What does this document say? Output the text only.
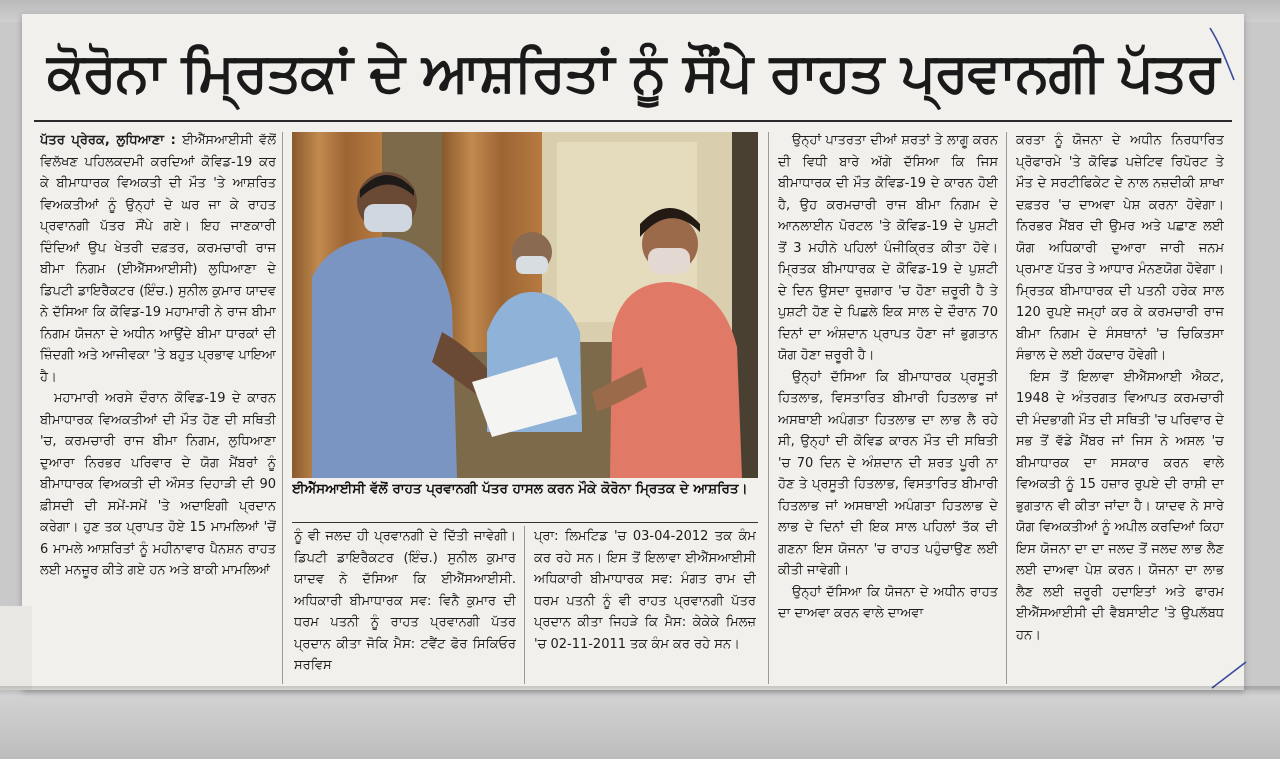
ਕੋਰੋਨਾ ਮ੍ਰਿਤਕਾਂ ਦੇ ਆਸ਼ਰਿਤਾਂ ਨੂੰ ਸੌਂਪੇ ਰਾਹਤ ਪ੍ਰਵਾਨਗੀ ਪੱਤਰ

ਪੱਤਰ ਪ੍ਰੇਰਕ, ਲੁਧਿਆਣਾ : ਈਐੱਸਆਈਸੀ ਵੱਲੋਂ ਵਿਲੱਖਣ ਪਹਿਲਕਦਮੀ ਕਰਦਿਆਂ ਕੋਵਿਡ-19 ਕਰ ਕੇ ਬੀਮਾਧਾਰਕ ਵਿਅਕਤੀ ਦੀ ਮੌਤ 'ਤੇ ਆਸ਼ਰਿਤ ਵਿਅਕਤੀਆਂ ਨੂੰ ਉਨ੍ਹਾਂ ਦੇ ਘਰ ਜਾ ਕੇ ਰਾਹਤ ਪ੍ਰਵਾਨਗੀ ਪੱਤਰ ਸੌਂਪੇ ਗਏ। ਇਹ ਜਾਣਕਾਰੀ ਦਿੰਦਿਆਂ ਉਪ ਖੇਤਰੀ ਦਫ਼ਤਰ, ਕਰਮਚਾਰੀ ਰਾਜ ਬੀਮਾ ਨਿਗਮ (ਈਐੱਸਆਈਸੀ) ਲੁਧਿਆਣਾ ਦੇ ਡਿਪਟੀ ਡਾਇਰੈਕਟਰ (ਇੰਚ.) ਸੁਨੀਲ ਕੁਮਾਰ ਯਾਦਵ ਨੇ ਦੱਸਿਆ ਕਿ ਕੋਵਿਡ-19 ਮਹਾਮਾਰੀ ਨੇ ਰਾਜ ਬੀਮਾ ਨਿਗਮ ਯੋਜਨਾ ਦੇ ਅਧੀਨ ਆਉਂਦੇ ਬੀਮਾ ਧਾਰਕਾਂ ਦੀ ਜ਼ਿੰਦਗੀ ਅਤੇ ਆਜੀਵਕਾ 'ਤੇ ਬਹੁਤ ਪ੍ਰਭਾਵ ਪਾਇਆ ਹੈ।

ਮਹਾਮਾਰੀ ਅਰਸੇ ਦੌਰਾਨ ਕੋਵਿਡ-19 ਦੇ ਕਾਰਨ ਬੀਮਾਧਾਰਕ ਵਿਅਕਤੀਆਂ ਦੀ ਮੌਤ ਹੋਣ ਦੀ ਸਥਿਤੀ 'ਚ, ਕਰਮਚਾਰੀ ਰਾਜ ਬੀਮਾ ਨਿਗਮ, ਲੁਧਿਆਣਾ ਦੁਆਰਾ ਨਿਰਭਰ ਪਰਿਵਾਰ ਦੇ ਯੋਗ ਮੈਂਬਰਾਂ ਨੂੰ ਬੀਮਾਧਾਰਕ ਵਿਅਕਤੀ ਦੀ ਔਸਤ ਦਿਹਾੜੀ ਦੀ 90 ਫ਼ੀਸਦੀ ਦੀ ਸਮੇਂ-ਸਮੇਂ 'ਤੇ ਅਦਾਇਗੀ ਪ੍ਰਦਾਨ ਕਰੇਗਾ। ਹੁਣ ਤਕ ਪ੍ਰਾਪਤ ਹੋਏ 15 ਮਾਮਲਿਆਂ 'ਚੋਂ 6 ਮਾਮਲੇ ਆਸ਼ਰਿਤਾਂ ਨੂੰ ਮਹੀਨਾਵਾਰ ਪੈਨਸ਼ਨ ਰਾਹਤ ਲਈ ਮਨਜ਼ੂਰ ਕੀਤੇ ਗਏ ਹਨ ਅਤੇ ਬਾਕੀ ਮਾਮਲਿਆਂ

ਈਐੱਸਆਈਸੀ ਵੱਲੋਂ ਰਾਹਤ ਪ੍ਰਵਾਨਗੀ ਪੱਤਰ ਹਾਸਲ ਕਰਨ ਮੌਕੇ ਕੋਰੋਨਾ ਮ੍ਰਿਤਕ ਦੇ ਆਸ਼ਰਿਤ।

ਨੂੰ ਵੀ ਜਲਦ ਹੀ ਪ੍ਰਵਾਨਗੀ ਦੇ ਦਿੱਤੀ ਜਾਵੇਗੀ। ਡਿਪਟੀ ਡਾਇਰੈਕਟਰ (ਇੰਚ.) ਸੁਨੀਲ ਕੁਮਾਰ ਯਾਦਵ ਨੇ ਦੱਸਿਆ ਕਿ ਈਐੱਸਆਈਸੀ. ਅਧਿਕਾਰੀ ਬੀਮਾਧਾਰਕ ਸਵ: ਵਿਨੈ ਕੁਮਾਰ ਦੀ ਧਰਮ ਪਤਨੀ ਨੂੰ ਰਾਹਤ ਪ੍ਰਵਾਨਗੀ ਪੱਤਰ ਪ੍ਰਦਾਨ ਕੀਤਾ ਜੋਕਿ ਮੈਸ: ਟਵੈਂਟ ਫੋਰ ਸਿਕਿਓਰ ਸਰਵਿਸ

ਪ੍ਰਾ: ਲਿਮਟਿਡ 'ਚ 03-04-2012 ਤਕ ਕੰਮ ਕਰ ਰਹੇ ਸਨ। ਇਸ ਤੋਂ ਇਲਾਵਾ ਈਐੱਸਆਈਸੀ ਅਧਿਕਾਰੀ ਬੀਮਾਧਾਰਕ ਸਵ: ਮੰਗਤ ਰਾਮ ਦੀ ਧਰਮ ਪਤਨੀ ਨੂੰ ਵੀ ਰਾਹਤ ਪ੍ਰਵਾਨਗੀ ਪੱਤਰ ਪ੍ਰਦਾਨ ਕੀਤਾ ਜਿਹੜੇ ਕਿ ਮੈਸ: ਕੇਕੇਕੇ ਮਿਲਜ਼ 'ਚ 02-11-2011 ਤਕ ਕੰਮ ਕਰ ਰਹੇ ਸਨ।

ਉਨ੍ਹਾਂ ਪਾਤਰਤਾ ਦੀਆਂ ਸ਼ਰਤਾਂ ਤੇ ਲਾਗੂ ਕਰਨ ਦੀ ਵਿਧੀ ਬਾਰੇ ਅੱਗੇ ਦੱਸਿਆ ਕਿ ਜਿਸ ਬੀਮਾਧਾਰਕ ਦੀ ਮੌਤ ਕੋਵਿਡ-19 ਦੇ ਕਾਰਨ ਹੋਈ ਹੈ, ਉਹ ਕਰਮਚਾਰੀ ਰਾਜ ਬੀਮਾ ਨਿਗਮ ਦੇ ਆਨਲਾਈਨ ਪੋਰਟਲ 'ਤੇ ਕੋਵਿਡ-19 ਦੇ ਪੁਸ਼ਟੀ ਤੋਂ 3 ਮਹੀਨੇ ਪਹਿਲਾਂ ਪੰਜੀਕ੍ਰਿਤ ਕੀਤਾ ਹੋਵੇ। ਮ੍ਰਿਤਕ ਬੀਮਾਧਾਰਕ ਦੇ ਕੋਵਿਡ-19 ਦੇ ਪੁਸ਼ਟੀ ਦੇ ਦਿਨ ਉਸਦਾ ਰੁਜ਼ਗਾਰ 'ਚ ਹੋਣਾ ਜ਼ਰੂਰੀ ਹੈ ਤੇ ਪੁਸ਼ਟੀ ਹੋਣ ਦੇ ਪਿਛਲੇ ਇਕ ਸਾਲ ਦੇ ਦੌਰਾਨ 70 ਦਿਨਾਂ ਦਾ ਅੰਸ਼ਦਾਨ ਪ੍ਰਾਪਤ ਹੋਣਾ ਜਾਂ ਭੁਗਤਾਨ ਯੋਗ ਹੋਣਾ ਜ਼ਰੂਰੀ ਹੈ।

ਉਨ੍ਹਾਂ ਦੱਸਿਆ ਕਿ ਬੀਮਾਧਾਰਕ ਪ੍ਰਸੂਤੀ ਹਿਤਲਾਭ, ਵਿਸਤਾਰਿਤ ਬੀਮਾਰੀ ਹਿਤਲਾਭ ਜਾਂ ਅਸਥਾਈ ਅਪੰਗਤਾ ਹਿਤਲਾਭ ਦਾ ਲਾਭ ਲੈ ਰਹੇ ਸੀ, ਉਨ੍ਹਾਂ ਦੀ ਕੋਵਿਡ ਕਾਰਨ ਮੌਤ ਦੀ ਸਥਿਤੀ 'ਚ 70 ਦਿਨ ਦੇ ਅੰਸ਼ਦਾਨ ਦੀ ਸ਼ਰਤ ਪੂਰੀ ਨਾ ਹੋਣ ਤੇ ਪ੍ਰਸੂਤੀ ਹਿਤਲਾਭ, ਵਿਸਤਾਰਿਤ ਬੀਮਾਰੀ ਹਿਤਲਾਭ ਜਾਂ ਅਸਥਾਈ ਅਪੰਗਤਾ ਹਿਤਲਾਭ ਦੇ ਲਾਭ ਦੇ ਦਿਨਾਂ ਦੀ ਇਕ ਸਾਲ ਪਹਿਲਾਂ ਤੱਕ ਦੀ ਗਣਨਾ ਇਸ ਯੋਜਨਾ 'ਚ ਰਾਹਤ ਪਹੁੰਚਾਉਣ ਲਈ ਕੀਤੀ ਜਾਵੇਗੀ।

ਉਨ੍ਹਾਂ ਦੱਸਿਆ ਕਿ ਯੋਜਨਾ ਦੇ ਅਧੀਨ ਰਾਹਤ ਦਾ ਦਾਅਵਾ ਕਰਨ ਵਾਲੇ ਦਾਅਵਾ

ਕਰਤਾ ਨੂੰ ਯੋਜਨਾ ਦੇ ਅਧੀਨ ਨਿਰਧਾਰਿਤ ਪ੍ਰੋਫਾਰਮੇ 'ਤੇ ਕੋਵਿਡ ਪਜ਼ੇਟਿਵ ਰਿਪੋਰਟ ਤੇ ਮੌਤ ਦੇ ਸਰਟੀਫਿਕੇਟ ਦੇ ਨਾਲ ਨਜ਼ਦੀਕੀ ਸ਼ਾਖਾ ਦਫ਼ਤਰ 'ਚ ਦਾਅਵਾ ਪੇਸ਼ ਕਰਨਾ ਹੋਵੇਗਾ। ਨਿਰਭਰ ਮੈਂਬਰ ਦੀ ਉਮਰ ਅਤੇ ਪਛਾਣ ਲਈ ਯੋਗ ਅਧਿਕਾਰੀ ਦੁਆਰਾ ਜਾਰੀ ਜਨਮ ਪ੍ਰਮਾਣ ਪੱਤਰ ਤੇ ਆਧਾਰ ਮੰਨਣਯੋਗ ਹੋਵੇਗਾ। ਮ੍ਰਿਤਕ ਬੀਮਾਧਾਰਕ ਦੀ ਪਤਨੀ ਹਰੇਕ ਸਾਲ 120 ਰੁਪਏ ਜਮ੍ਹਾਂ ਕਰ ਕੇ ਕਰਮਚਾਰੀ ਰਾਜ ਬੀਮਾ ਨਿਗਮ ਦੇ ਸੰਸਥਾਨਾਂ 'ਚ ਚਿਕਿਤਸਾ ਸੰਭਾਲ ਦੇ ਲਈ ਹੱਕਦਾਰ ਹੋਵੇਗੀ।

ਇਸ ਤੋਂ ਇਲਾਵਾ ਈਐੱਸਆਈ ਐਕਟ, 1948 ਦੇ ਅੰਤਰਗਤ ਵਿਆਪਤ ਕਰਮਚਾਰੀ ਦੀ ਮੰਦਭਾਗੀ ਮੌਤ ਦੀ ਸਥਿਤੀ 'ਚ ਪਰਿਵਾਰ ਦੇ ਸਭ ਤੋਂ ਵੱਡੇ ਮੈਂਬਰ ਜਾਂ ਜਿਸ ਨੇ ਅਸਲ 'ਚ ਬੀਮਾਧਾਰਕ ਦਾ ਸਸਕਾਰ ਕਰਨ ਵਾਲੇ ਵਿਅਕਤੀ ਨੂੰ 15 ਹਜ਼ਾਰ ਰੁਪਏ ਦੀ ਰਾਸ਼ੀ ਦਾ ਭੁਗਤਾਨ ਵੀ ਕੀਤਾ ਜਾਂਦਾ ਹੈ। ਯਾਦਵ ਨੇ ਸਾਰੇ ਯੋਗ ਵਿਅਕਤੀਆਂ ਨੂੰ ਅਪੀਲ ਕਰਦਿਆਂ ਕਿਹਾ ਇਸ ਯੋਜਨਾ ਦਾ ਦਾ ਜਲਦ ਤੋਂ ਜਲਦ ਲਾਭ ਲੈਣ ਲਈ ਦਾਅਵਾ ਪੇਸ਼ ਕਰਨ। ਯੋਜਨਾ ਦਾ ਲਾਭ ਲੈਣ ਲਈ ਜ਼ਰੂਰੀ ਹਦਾਇਤਾਂ ਅਤੇ ਫਾਰਮ ਈਐੱਸਆਈਸੀ ਦੀ ਵੈਬਸਾਈਟ 'ਤੇ ਉਪਲੱਬਧ ਹਨ।
